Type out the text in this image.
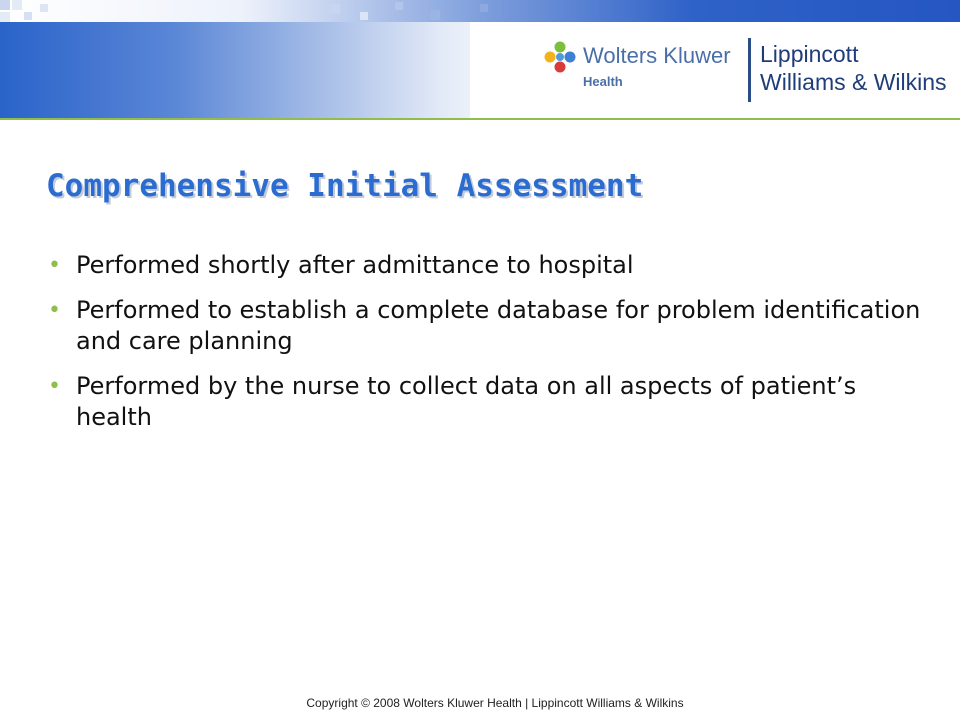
Wolters Kluwer
Health
Lippincott
Williams & Wilkins
Comprehensive Initial Assessment
• Performed shortly after admittance to hospital
• Performed to establish a complete database for problem identification and care planning
• Performed by the nurse to collect data on all aspects of patient’s health
Copyright © 2008 Wolters Kluwer Health | Lippincott Williams & Wilkins
